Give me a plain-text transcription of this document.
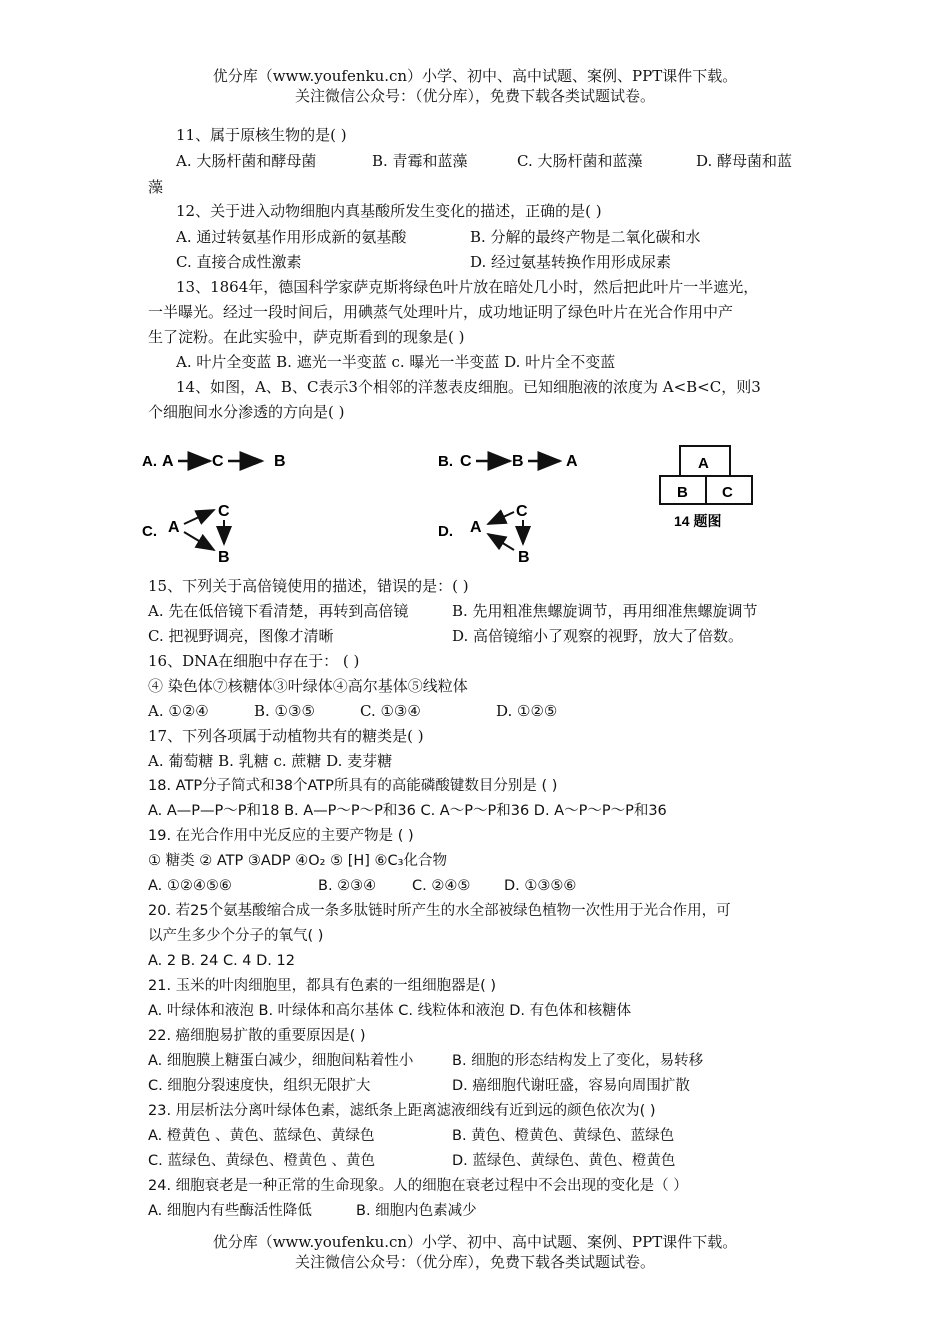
优分库（www.youfenku.cn）小学、初中、高中试题、案例、PPT课件下载。
关注微信公众号：（优分库），免费下载各类试题试卷。
11、属于原核生物的是( )
A. 大肠杆菌和酵母菌	B. 青霉和蓝藻	C. 大肠杆菌和蓝藻	D. 酵母菌和蓝
藻
12、关于进入动物细胞内真基酸所发生变化的描述，正确的是( )
A. 通过转氨基作用形成新的氨基酸	B. 分解的最终产物是二氧化碳和水
C. 直接合成性激素	D. 经过氨基转换作用形成尿素
13、1864年，德国科学家萨克斯将绿色叶片放在暗处几小时，然后把此叶片一半遮光，
一半曝光。经过一段时间后，用碘蒸气处理叶片，成功地证明了绿色叶片在光合作用中产
生了淀粉。在此实验中，萨克斯看到的现象是( )
A. 叶片全变蓝 B. 遮光一半变蓝 c. 曝光一半变蓝 D. 叶片全不变蓝
14、如图，A、B、C表示3个相邻的洋葱表皮细胞。已知细胞液的浓度为 A<B<C，则3
个细胞间水分渗透的方向是( )
A. A C	B	B. C	B	A
C. A
C
B
D. A
C
B
A
B C
14 题图
15、下列关于高倍镜使用的描述，错误的是：( )
A. 先在低倍镜下看清楚，再转到高倍镜	B. 先用粗准焦螺旋调节，再用细准焦螺旋调节
C. 把视野调亮，图像才清晰	D. 高倍镜缩小了观察的视野，放大了倍数。
16、DNA在细胞中存在于： ( )
④ 染色体⑦核糖体③叶绿体④高尔基体⑤线粒体
A. ①②④	B. ①③⑤	C. ①③④	D. ①②⑤
17、下列各项属于动植物共有的糖类是( )
A. 葡萄糖 B. 乳糖 c. 蔗糖 D. 麦芽糖
18. ATP分子简式和38个ATP所具有的高能磷酸键数目分别是 ( )
A. A—P—P～P和18 B. A—P～P～P和36 C. A～P～P和36 D. A～P～P～P和36
19. 在光合作用中光反应的主要产物是 ( )
① 糖类 ② ATP ③ADP ④O₂ ⑤ [H] ⑥C₃化合物
A. ①②④⑤⑥	B. ②③④ C. ②④⑤ D. ①③⑤⑥
20. 若25个氨基酸缩合成一条多肽链时所产生的水全部被绿色植物一次性用于光合作用，可
以产生多少个分子的氧气( )
A. 2 B. 24 C. 4 D. 12
21. 玉米的叶肉细胞里，都具有色素的一组细胞器是( )
A. 叶绿体和液泡 B. 叶绿体和高尔基体 C. 线粒体和液泡 D. 有色体和核糖体
22. 癌细胞易扩散的重要原因是( )
A. 细胞膜上糖蛋白减少，细胞间粘着性小	B. 细胞的形态结构发上了变化，易转移
C. 细胞分裂速度快，组织无限扩大	D. 癌细胞代谢旺盛，容易向周围扩散
23. 用层析法分离叶绿体色素，滤纸条上距离滤液细线有近到远的颜色依次为( )
A. 橙黄色 、黄色、蓝绿色、黄绿色	B. 黄色、橙黄色、黄绿色、蓝绿色
C. 蓝绿色、黄绿色、橙黄色 、黄色	D. 蓝绿色、黄绿色、黄色、橙黄色
24. 细胞衰老是一种正常的生命现象。人的细胞在衰老过程中不会出现的变化是（ ）
A. 细胞内有些酶活性降低	B. 细胞内色素减少
优分库（www.youfenku.cn）小学、初中、高中试题、案例、PPT课件下载。
关注微信公众号：（优分库），免费下载各类试题试卷。
